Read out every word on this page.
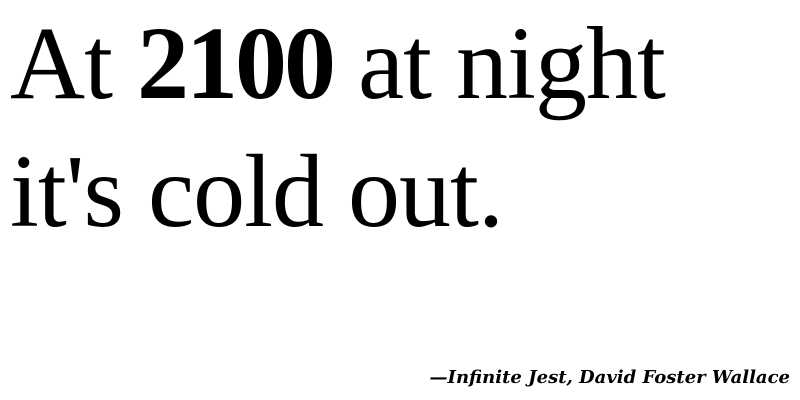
At 2100 at night
it's cold out.
—Infinite Jest, David Foster Wallace
